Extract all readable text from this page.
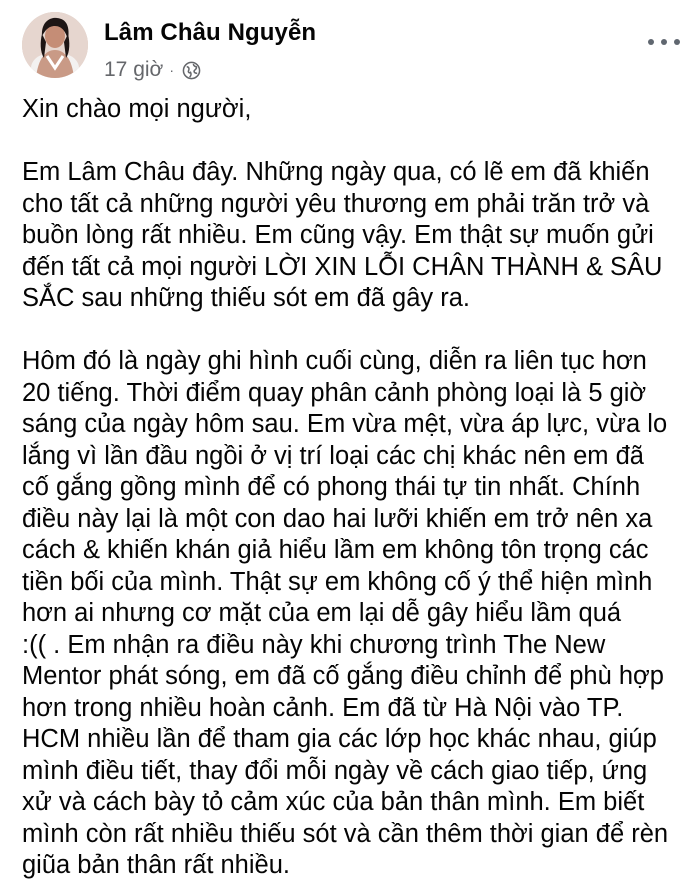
Lâm Châu Nguyễn
17 giờ ·
Xin chào mọi người,
Em Lâm Châu đây. Những ngày qua, có lẽ em đã khiến
cho tất cả những người yêu thương em phải trăn trở và
buồn lòng rất nhiều. Em cũng vậy. Em thật sự muốn gửi
đến tất cả mọi người LỜI XIN LỖI CHÂN THÀNH & SÂU
SẮC sau những thiếu sót em đã gây ra.
Hôm đó là ngày ghi hình cuối cùng, diễn ra liên tục hơn
20 tiếng. Thời điểm quay phân cảnh phòng loại là 5 giờ
sáng của ngày hôm sau. Em vừa mệt, vừa áp lực, vừa lo
lắng vì lần đầu ngồi ở vị trí loại các chị khác nên em đã
cố gắng gồng mình để có phong thái tự tin nhất. Chính
điều này lại là một con dao hai lưỡi khiến em trở nên xa
cách & khiến khán giả hiểu lầm em không tôn trọng các
tiền bối của mình. Thật sự em không cố ý thể hiện mình
hơn ai nhưng cơ mặt của em lại dễ gây hiểu lầm quá
:(( . Em nhận ra điều này khi chương trình The New
Mentor phát sóng, em đã cố gắng điều chỉnh để phù hợp
hơn trong nhiều hoàn cảnh. Em đã từ Hà Nội vào TP.
HCM nhiều lần để tham gia các lớp học khác nhau, giúp
mình điều tiết, thay đổi mỗi ngày về cách giao tiếp, ứng
xử và cách bày tỏ cảm xúc của bản thân mình. Em biết
mình còn rất nhiều thiếu sót và cần thêm thời gian để rèn
giũa bản thân rất nhiều.
